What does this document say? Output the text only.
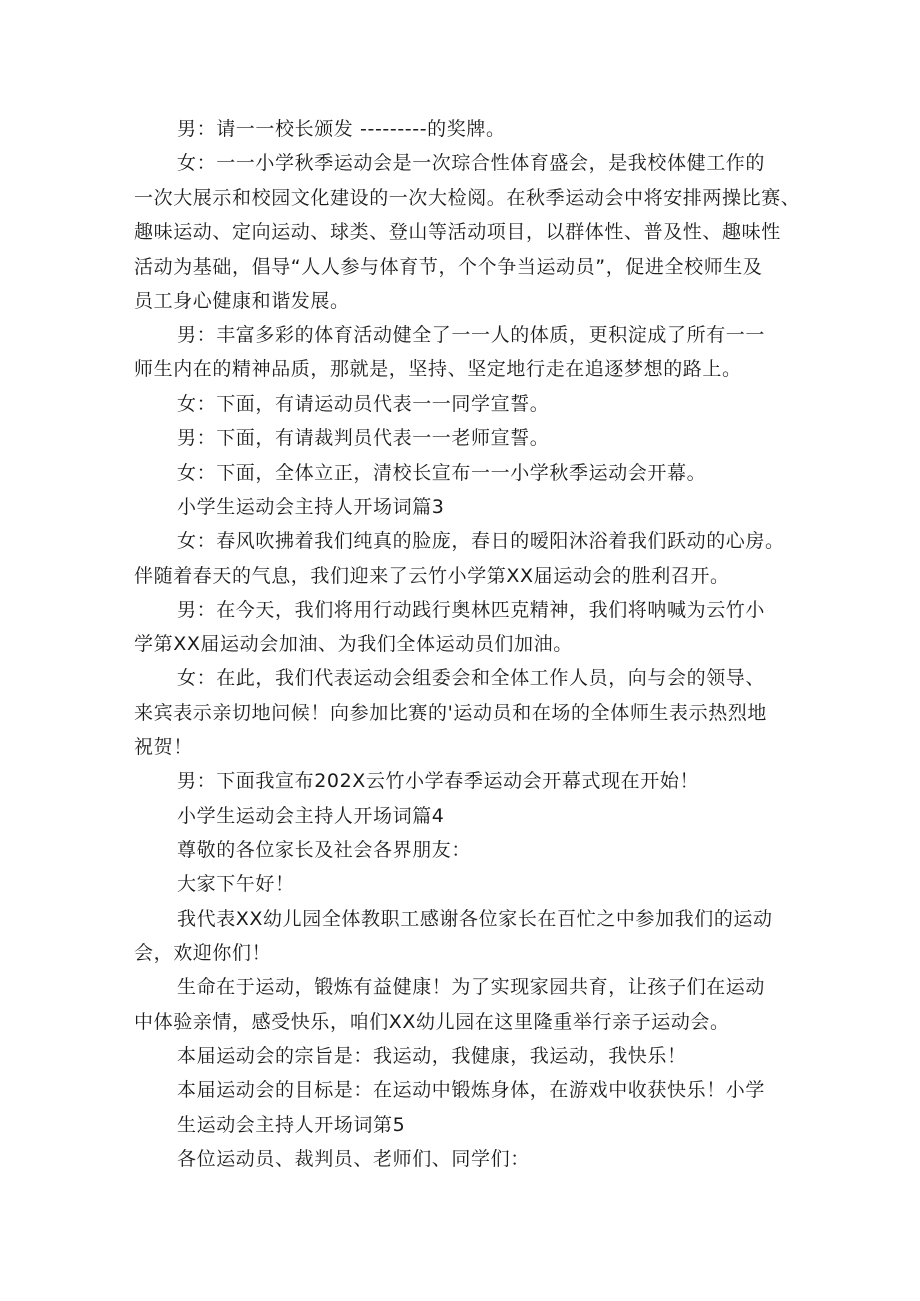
男：请一一校长颁发 ---------的奖牌。
女：一一小学秋季运动会是一次琮合性体育盛会，是我校体健工作的
一次大展示和校园文化建设的一次大检阅。在秋季运动会中将安排两操比赛、
趣味运动、定向运动、球类、登山等活动项目，以群体性、普及性、趣味性
活动为基础，倡导“人人参与体育节，个个争当运动员”，促进全校师生及
员工身心健康和谐发展。
男：丰富多彩的体育活动健全了一一人的体质，更积淀成了所有一一
师生内在的精神品质，那就是，坚持、坚定地行走在追逐梦想的路上。
女：下面，有请运动员代表一一同学宣誓。
男：下面，有请裁判员代表一一老师宣誓。
女：下面，全体立正，清校长宣布一一小学秋季运动会开幕。
小学生运动会主持人开场词篇3
女：春风吹拂着我们纯真的脸庞，春日的暧阳沐浴着我们跃动的心房。
伴随着春天的气息，我们迎来了云竹小学第XX届运动会的胜利召开。
男：在今天，我们将用行动践行奥林匹克精神，我们将呐喊为云竹小
学第XX届运动会加油、为我们全体运动员们加油。
女：在此，我们代表运动会组委会和全体工作人员，向与会的领导、
来宾表示亲切地问候！向参加比赛的'运动员和在场的全体师生表示热烈地
祝贺！
男：下面我宣布202X云竹小学春季运动会开幕式现在开始！
小学生运动会主持人开场词篇4
尊敬的各位家长及社会各界朋友：
大家下午好！
我代表XX幼儿园全体教职工感谢各位家长在百忙之中参加我们的运动
会，欢迎你们！
生命在于运动，锻炼有益健康！为了实现家园共育，让孩子们在运动
中体验亲情，感受快乐，咱们XX幼儿园在这里隆重举行亲子运动会。
本届运动会的宗旨是：我运动，我健康，我运动，我快乐！
本届运动会的目标是：在运动中锻炼身体，在游戏中收获快乐！小学
生运动会主持人开场词第5
各位运动员、裁判员、老师们、同学们：
